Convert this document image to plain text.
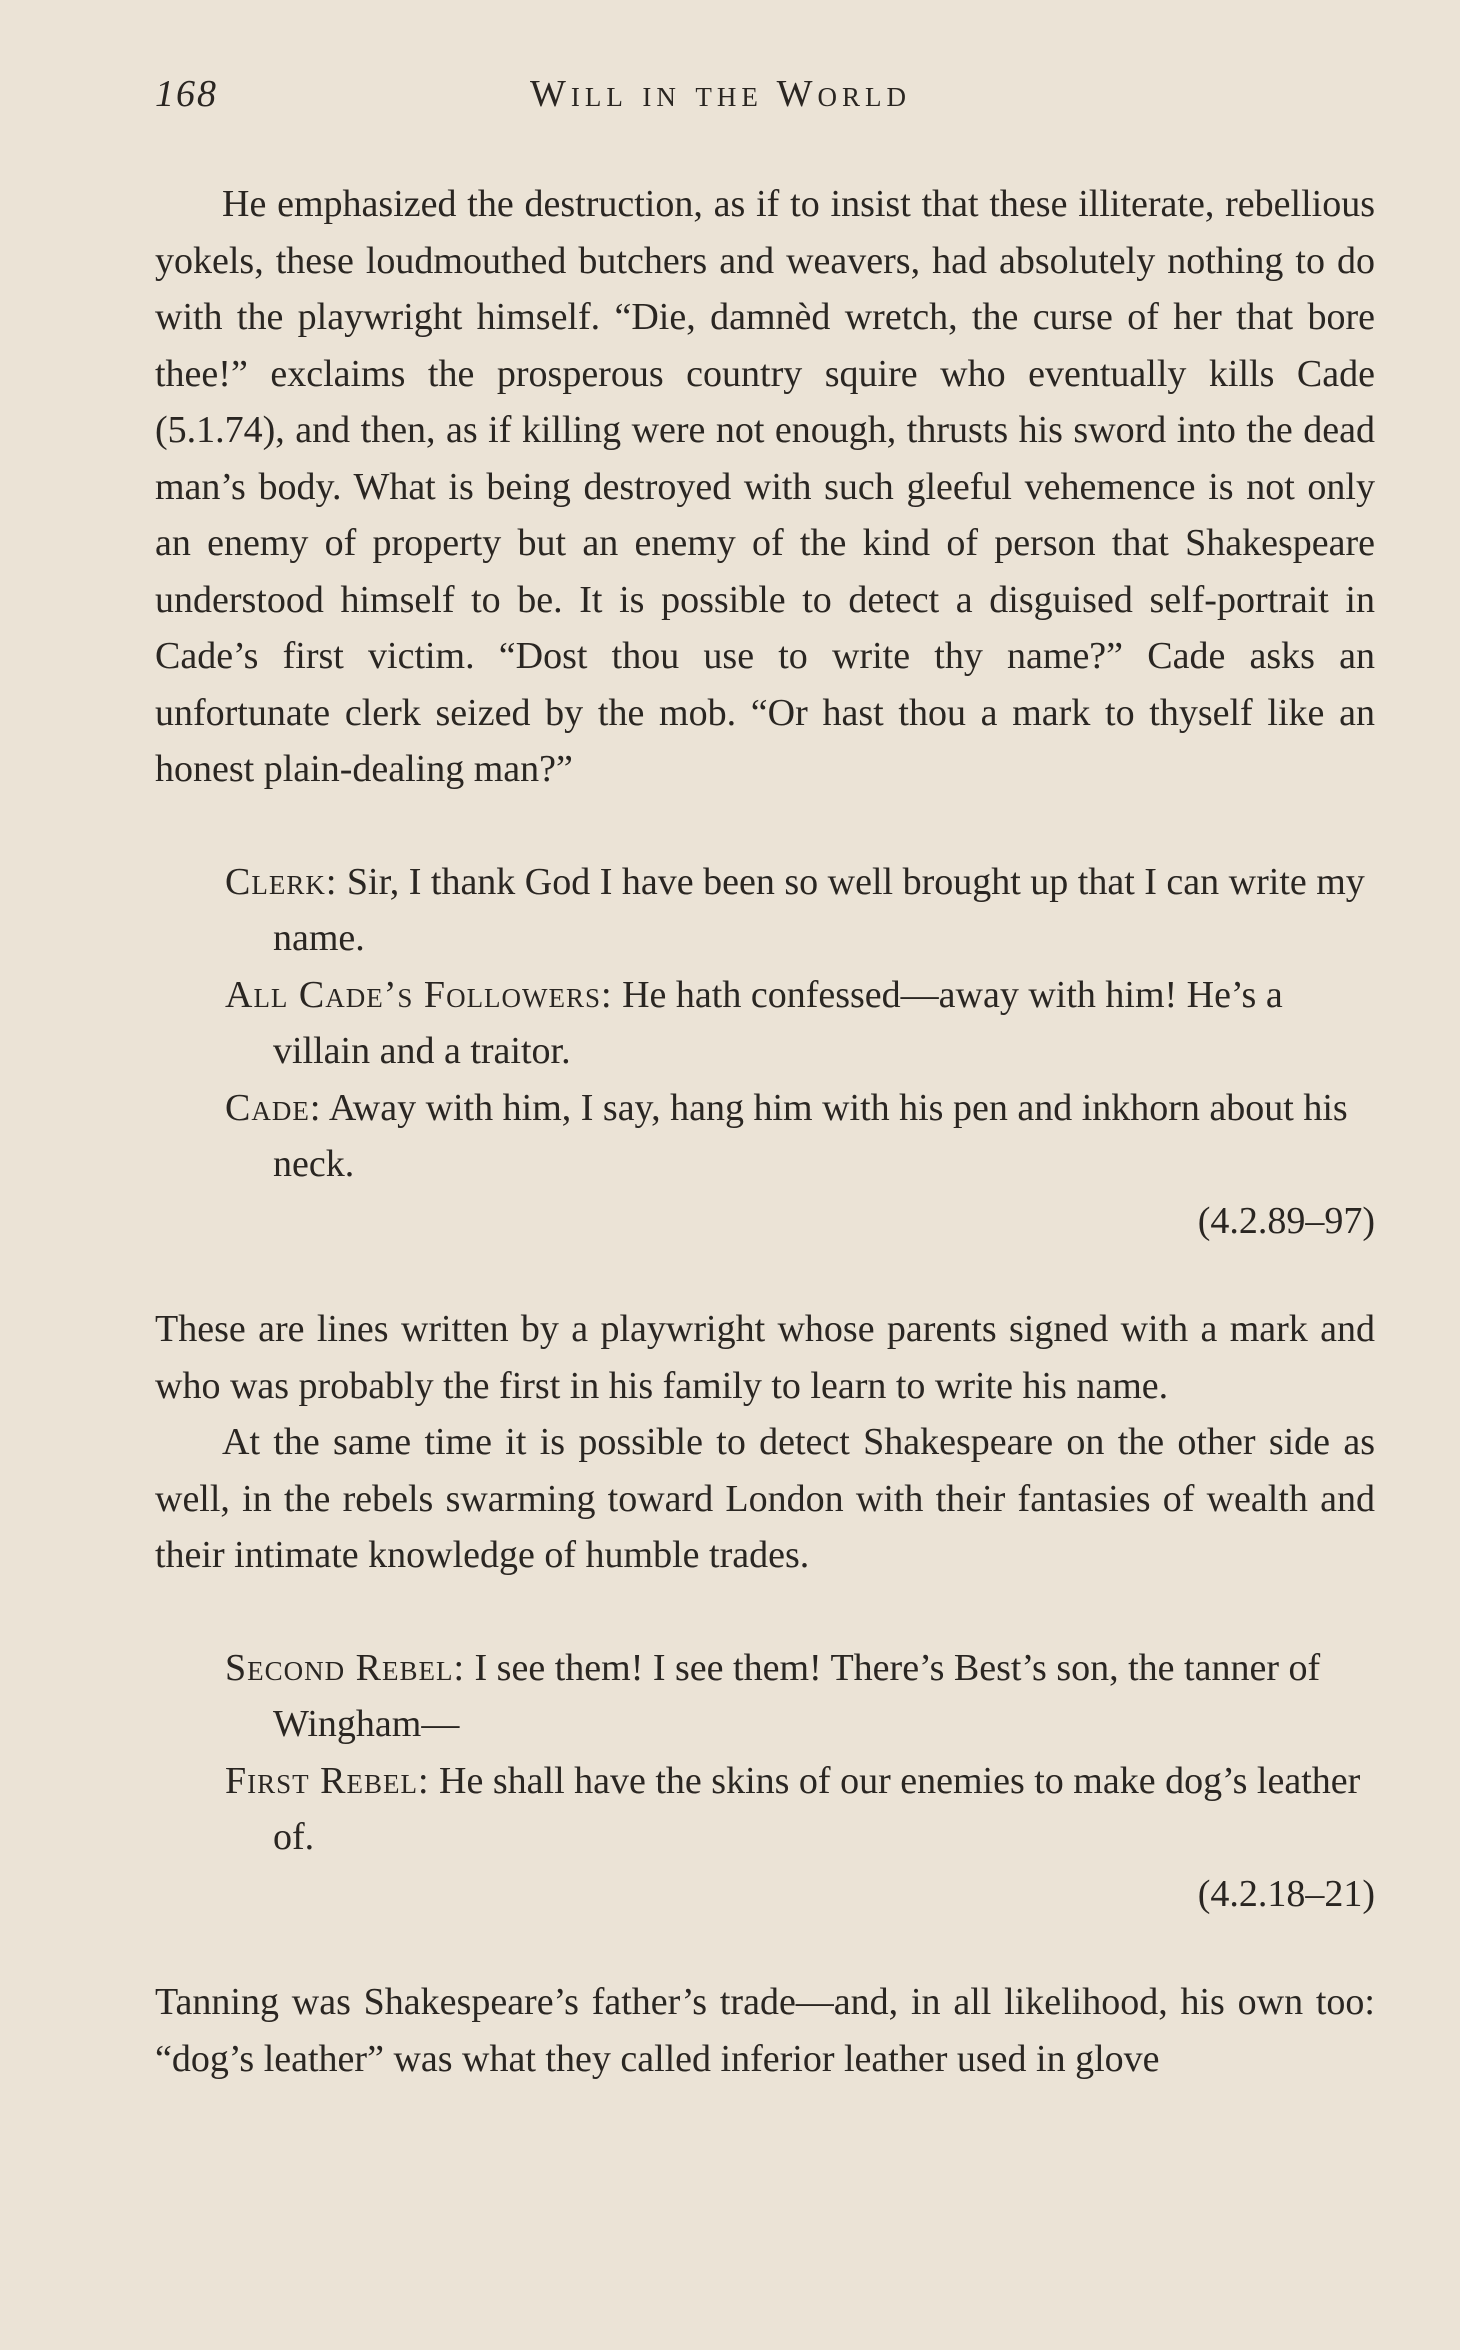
168	Will in the World

He emphasized the destruction, as if to insist that these illiterate, rebellious yokels, these loudmouthed butchers and weavers, had absolutely nothing to do with the playwright himself. “Die, damnèd wretch, the curse of her that bore thee!” exclaims the prosperous country squire who eventually kills Cade (5.1.74), and then, as if killing were not enough, thrusts his sword into the dead man’s body. What is being destroyed with such gleeful vehemence is not only an enemy of property but an enemy of the kind of person that Shakespeare understood himself to be. It is possible to detect a disguised self-portrait in Cade’s first victim. “Dost thou use to write thy name?” Cade asks an unfortunate clerk seized by the mob. “Or hast thou a mark to thyself like an honest plain-dealing man?”

Clerk: Sir, I thank God I have been so well brought up that I can write my name.

All Cade’s Followers: He hath confessed—away with him! He’s a villain and a traitor.

Cade: Away with him, I say, hang him with his pen and inkhorn about his neck.

(4.2.89–97)

These are lines written by a playwright whose parents signed with a mark and who was probably the first in his family to learn to write his name.

At the same time it is possible to detect Shakespeare on the other side as well, in the rebels swarming toward London with their fantasies of wealth and their intimate knowledge of humble trades.

Second Rebel: I see them! I see them! There’s Best’s son, the tanner of Wingham—

First Rebel: He shall have the skins of our enemies to make dog’s leather of.

(4.2.18–21)

Tanning was Shakespeare’s father’s trade—and, in all likelihood, his own too: “dog’s leather” was what they called inferior leather used in glove
